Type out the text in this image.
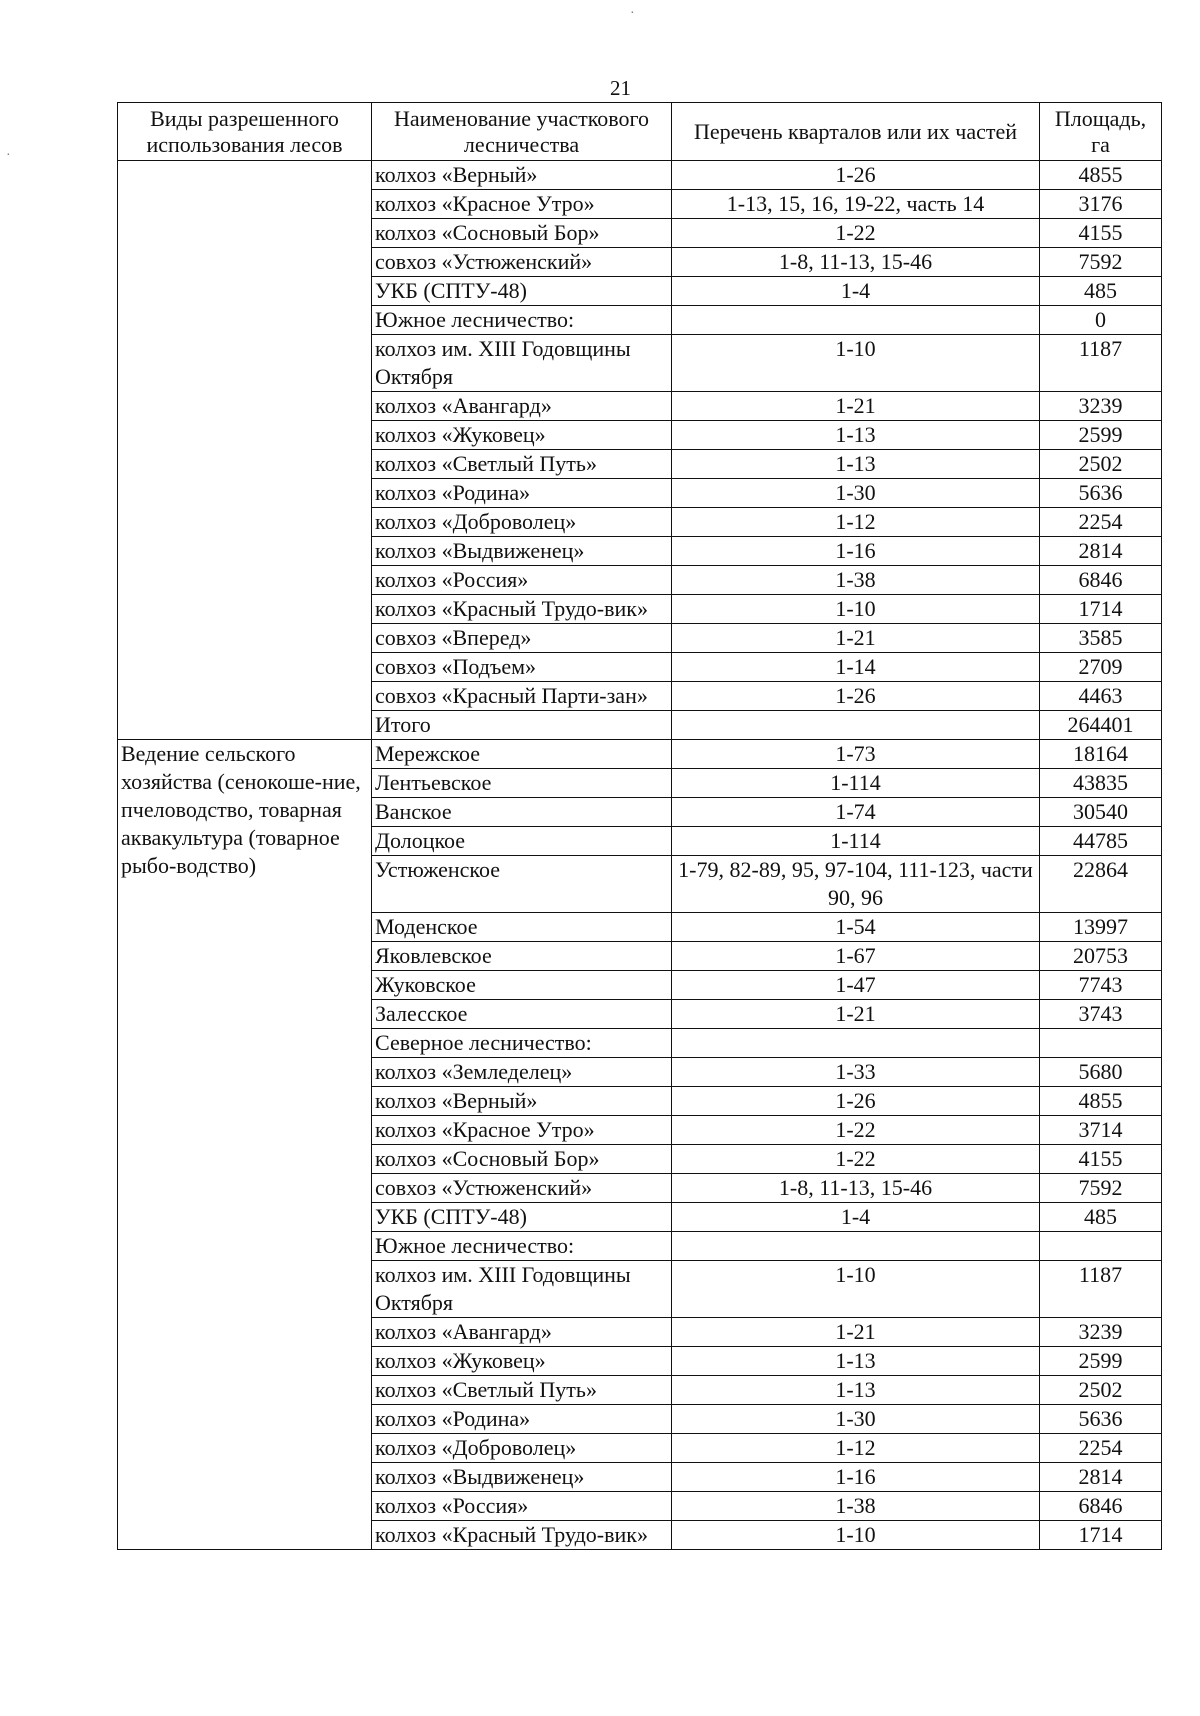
·
·
21
Виды разрешенного использования лесов	Наименование участкового лесничества	Перечень кварталов или их частей	Площадь, га
	колхоз «Верный»	1-26	4855
	колхоз «Красное Утро»	1-13, 15, 16, 19-22, часть 14	3176
	колхоз «Сосновый Бор»	1-22	4155
	совхоз «Устюженский»	1-8, 11-13, 15-46	7592
	УКБ (СПТУ-48)	1-4	485
	Южное лесничество:		0
	колхоз им. XIII Годовщины Октября	1-10	1187
	колхоз «Авангард»	1-21	3239
	колхоз «Жуковец»	1-13	2599
	колхоз «Светлый Путь»	1-13	2502
	колхоз «Родина»	1-30	5636
	колхоз «Доброволец»	1-12	2254
	колхоз «Выдвиженец»	1-16	2814
	колхоз «Россия»	1-38	6846
	колхоз «Красный Трудо-вик»	1-10	1714
	совхоз «Вперед»	1-21	3585
	совхоз «Подъем»	1-14	2709
	совхоз «Красный Парти-зан»	1-26	4463
	Итого		264401
Ведение сельского хозяйства (сенокоше-ние, пчеловодство, товарная аквакультура (товарное рыбо-водство)	Мережское	1-73	18164
	Лентьевское	1-114	43835
	Ванское	1-74	30540
	Долоцкое	1-114	44785
	Устюженское	1-79, 82-89, 95, 97-104, 111-123, части 90, 96	22864
	Моденское	1-54	13997
	Яковлевское	1-67	20753
	Жуковское	1-47	7743
	Залесское	1-21	3743
	Северное лесничество:		
	колхоз «Земледелец»	1-33	5680
	колхоз «Верный»	1-26	4855
	колхоз «Красное Утро»	1-22	3714
	колхоз «Сосновый Бор»	1-22	4155
	совхоз «Устюженский»	1-8, 11-13, 15-46	7592
	УКБ (СПТУ-48)	1-4	485
	Южное лесничество:		
	колхоз им. XIII Годовщины Октября	1-10	1187
	колхоз «Авангард»	1-21	3239
	колхоз «Жуковец»	1-13	2599
	колхоз «Светлый Путь»	1-13	2502
	колхоз «Родина»	1-30	5636
	колхоз «Доброволец»	1-12	2254
	колхоз «Выдвиженец»	1-16	2814
	колхоз «Россия»	1-38	6846
	колхоз «Красный Трудо-вик»	1-10	1714
